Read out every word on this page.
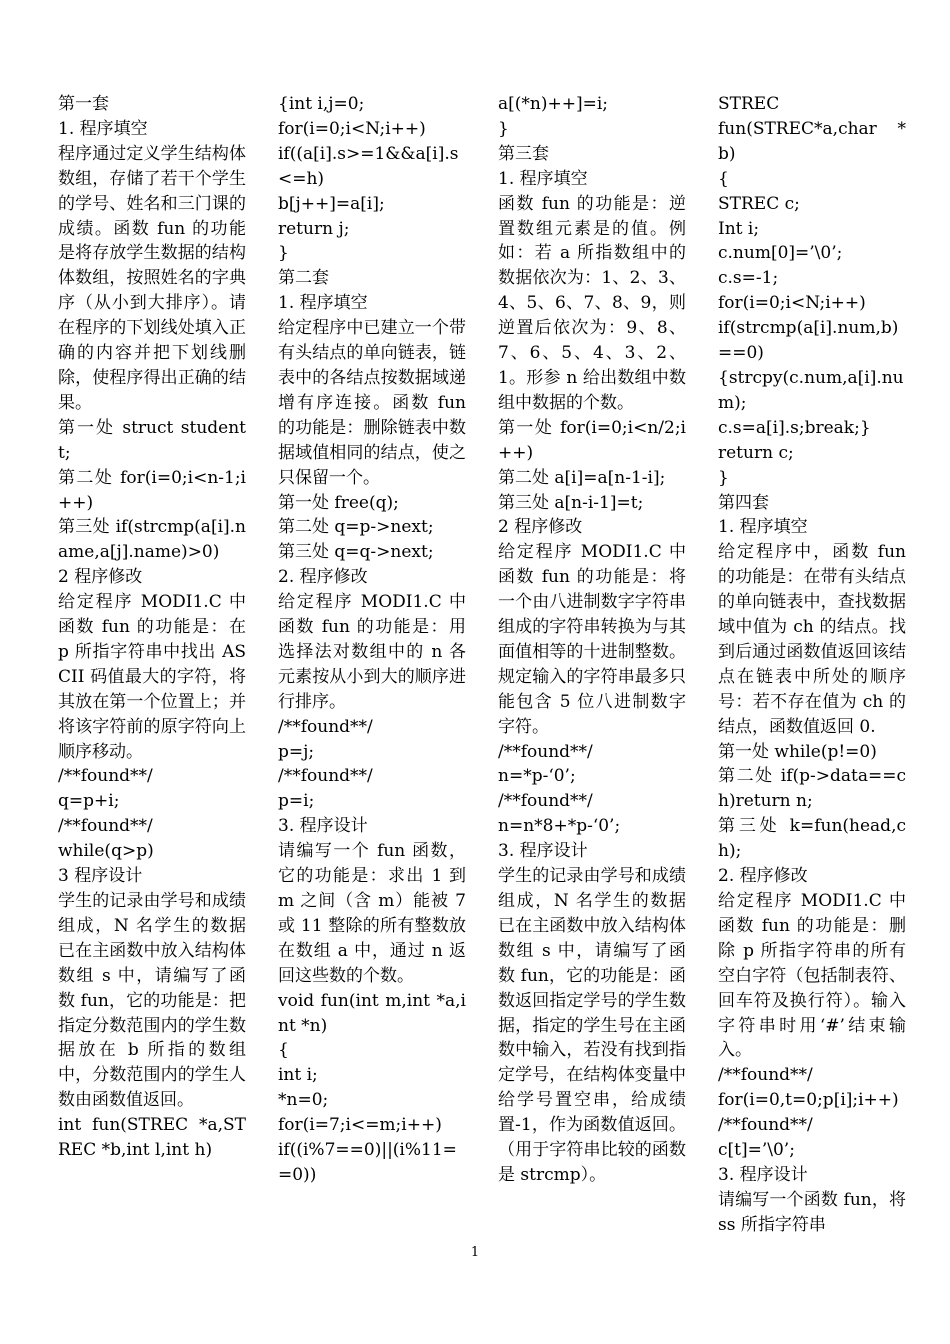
第一套

1. 程序填空

程序通过定义学生结构体数组，存储了若干个学生的学号、姓名和三门课的成绩。函数 fun 的功能是将存放学生数据的结构体数组，按照姓名的字典序（从小到大排序）。请在程序的下划线处填入正确的内容并把下划线删除，使程序得出正确的结果。

第一处 struct student t;

第二处 for(i=0;i<n-1;i++)

第三处 if(strcmp(a[i].name,a[j].name)>0)

2 程序修改

给定程序 MODI1.C 中函数 fun 的功能是：在 p 所指字符串中找出 ASCII 码值最大的字符，将其放在第一个位置上；并将该字符前的原字符向上顺序移动。

/**found**/

q=p+i;

/**found**/

while(q>p)

3 程序设计

学生的记录由学号和成绩组成，N 名学生的数据已在主函数中放入结构体数组 s 中，请编写了函数 fun，它的功能是：把指定分数范围内的学生数据放在 b 所指的数组中，分数范围内的学生人数由函数值返回。

int fun(STREC *a,STREC *b,int l,int h)

{int i,j=0;

for(i=0;i<N;i++)

if((a[i].s>=1&&a[i].s<=h)

b[j++]=a[i];

return j;

}

第二套

1. 程序填空

给定程序中已建立一个带有头结点的单向链表，链表中的各结点按数据域递增有序连接。函数 fun 的功能是：删除链表中数据域值相同的结点，使之只保留一个。

第一处 free(q);

第二处 q=p->next;

第三处 q=q->next;

2. 程序修改

给定程序 MODI1.C 中函数 fun 的功能是：用选择法对数组中的 n 各元素按从小到大的顺序进行排序。

/**found**/

p=j;

/**found**/

p=i;

3. 程序设计

请编写一个 fun 函数，它的功能是：求出 1 到 m 之间（含 m）能被 7 或 11 整除的所有整数放在数组 a 中，通过 n 返回这些数的个数。

void fun(int m,int *a,int *n)

{

int i;

*n=0;

for(i=7;i<=m;i++)

if((i%7==0)||(i%11==0))

a[(*n)++]=i;

}

第三套

1. 程序填空

函数 fun 的功能是：逆置数组元素是的值。例如：若 a 所指数组中的数据依次为：1、2、3、4、5、6、7、8、9，则逆置后依次为：9、8、7、6、5、4、3、2、1。形参 n 给出数组中数组中数据的个数。

第一处 for(i=0;i<n/2;i++)

第二处 a[i]=a[n-1-i];

第三处 a[n-i-1]=t;

2 程序修改

给定程序 MODI1.C 中函数 fun 的功能是：将一个由八进制数字字符串组成的字符串转换为与其面值相等的十进制整数。规定输入的字符串最多只能包含 5 位八进制数字字符。

/**found**/

n=*p-‘0’;

/**found**/

n=n*8+*p-‘0’;

3. 程序设计

学生的记录由学号和成绩组成，N 名学生的数据已在主函数中放入结构体数组 s 中，请编写了函数 fun，它的功能是：函数返回指定学号的学生数据，指定的学生号在主函数中输入，若没有找到指定学号，在结构体变量中给学号置空串，给成绩置-1，作为函数值返回。（用于字符串比较的函数是 strcmp）。

STREC

fun(STREC*a,char *b)

{

STREC c;

Int i;

c.num[0]=’\0’;

c.s=-1;

for(i=0;i<N;i++)

if(strcmp(a[i].num,b)==0)

{strcpy(c.num,a[i].num);

c.s=a[i].s;break;}

return c;

}

第四套

1. 程序填空

给定程序中，函数 fun 的功能是：在带有头结点的单向链表中，查找数据域中值为 ch 的结点。找到后通过函数值返回该结点在链表中所处的顺序号：若不存在值为 ch 的结点，函数值返回 0.

第一处 while(p!=0)

第二处 if(p->data==ch)return n;

第三处 k=fun(head,ch);

2. 程序修改

给定程序 MODI1.C 中函数 fun 的功能是：删除 p 所指字符串的所有空白字符（包括制表符、回车符及换行符）。输入字符串时用‘#’结束输入。

/**found**/

for(i=0,t=0;p[i];i++)

/**found**/

c[t]=’\0’;

3. 程序设计

请编写一个函数 fun，将 ss 所指字符串

1
